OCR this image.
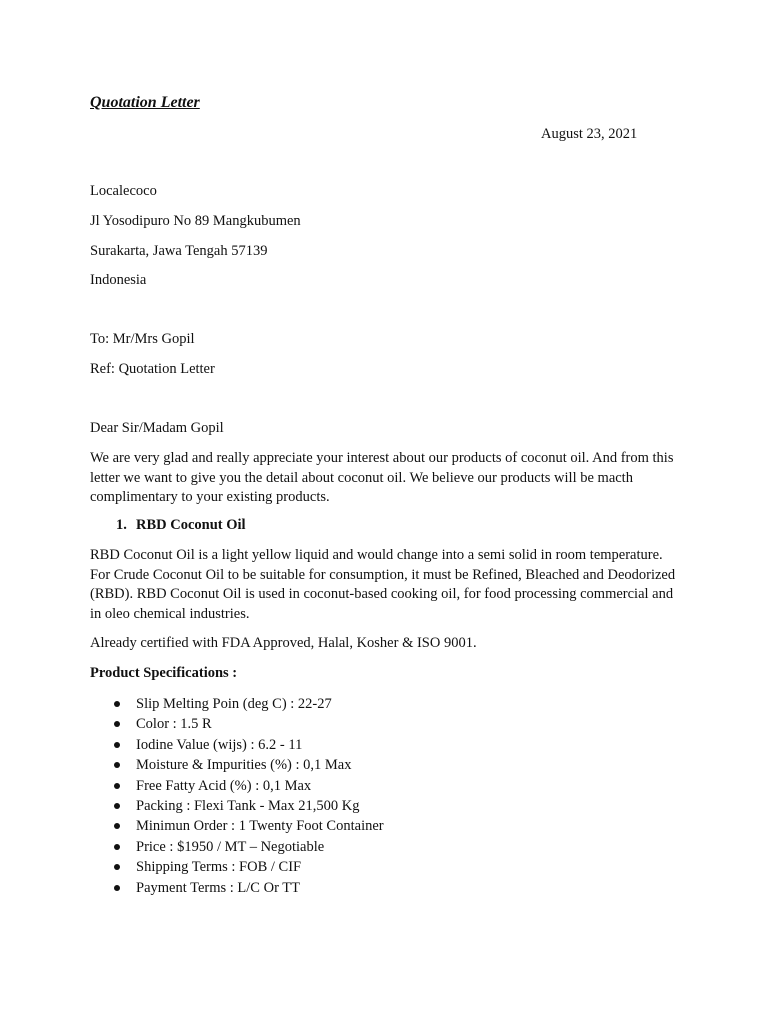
Quotation Letter
August 23, 2021
Localecoco
Jl Yosodipuro No 89 Mangkubumen
Surakarta, Jawa Tengah 57139
Indonesia
To: Mr/Mrs Gopil
Ref: Quotation Letter
Dear Sir/Madam Gopil
We are very glad and really appreciate your interest about our products of coconut oil. And from this letter we want to give you the detail about coconut oil. We believe our products will be macth complimentary to your existing products.
1. RBD Coconut Oil
RBD Coconut Oil is a light yellow liquid and would change into a semi solid in room temperature. For Crude Coconut Oil to be suitable for consumption, it must be Refined, Bleached and Deodorized (RBD). RBD Coconut Oil is used in coconut-based cooking oil, for food processing commercial and in oleo chemical industries.
Already certified with FDA Approved, Halal, Kosher & ISO 9001.
Product Specifications :
Slip Melting Poin (deg C) : 22-27
Color : 1.5 R
Iodine Value (wijs) : 6.2 - 11
Moisture & Impurities (%) : 0,1 Max
Free Fatty Acid (%) : 0,1 Max
Packing : Flexi Tank - Max 21,500 Kg
Minimun Order : 1 Twenty Foot Container
Price : $1950 / MT – Negotiable
Shipping Terms : FOB / CIF
Payment Terms : L/C Or TT
